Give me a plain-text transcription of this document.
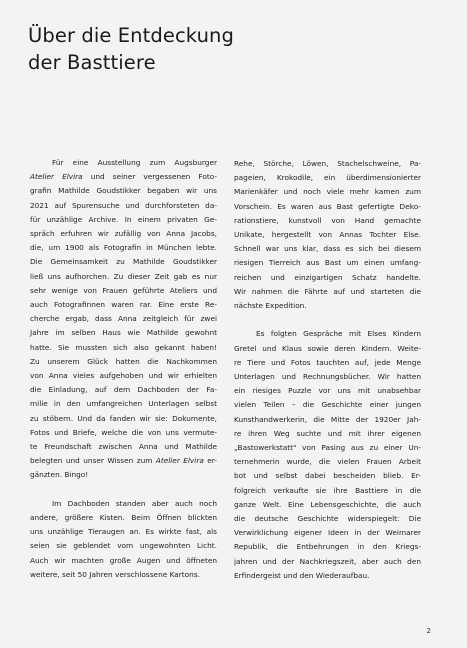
Über die Entdeckung
der Basttiere

Für eine Ausstellung zum Augsburger
Atelier Elvira und seiner vergessenen Foto-
grafin Mathilde Goudstikker begaben wir uns
2021 auf Spurensuche und durchforsteten da-
für unzählige Archive. In einem privaten Ge-
spräch erfuhren wir zufällig von Anna Jacobs,
die, um 1900 als Fotografin in München lebte.
Die Gemeinsamkeit zu Mathilde Goudstikker
ließ uns aufhorchen. Zu dieser Zeit gab es nur
sehr wenige von Frauen geführte Ateliers und
auch Fotografinnen waren rar. Eine erste Re-
cherche ergab, dass Anna zeitgleich für zwei
Jahre im selben Haus wie Mathilde gewohnt
hatte. Sie mussten sich also gekannt haben!
Zu unserem Glück hatten die Nachkommen
von Anna vieles aufgehoben und wir erhielten
die Einladung, auf dem Dachboden der Fa-
milie in den umfangreichen Unterlagen selbst
zu stöbern. Und da fanden wir sie: Dokumente,
Fotos und Briefe, welche die von uns vermute-
te Freundschaft zwischen Anna und Mathilde
belegten und unser Wissen zum Atelier Elvira er-
gänzten. Bingo!

Im Dachboden standen aber auch noch
andere, größere Kisten. Beim Öffnen blickten
uns unzählige Tieraugen an. Es wirkte fast, als
seien sie geblendet vom ungewohnten Licht.
Auch wir machten große Augen und öffneten
weitere, seit 50 Jahren verschlossene Kartons.

Rehe, Störche, Löwen, Stachelschweine, Pa-
pageien, Krokodile, ein überdimensionierter
Marienkäfer und noch viele mehr kamen zum
Vorschein. Es waren aus Bast gefertigte Deko-
rationstiere, kunstvoll von Hand gemachte
Unikate, hergestellt von Annas Tochter Else.
Schnell war uns klar, dass es sich bei diesem
riesigen Tierreich aus Bast um einen umfang-
reichen und einzigartigen Schatz handelte.
Wir nahmen die Fährte auf und starteten die
nächste Expedition.

Es folgten Gespräche mit Elses Kindern
Gretel und Klaus sowie deren Kindern. Weite-
re Tiere und Fotos tauchten auf, jede Menge
Unterlagen und Rechnungsbücher. Wir hatten
ein riesiges Puzzle vor uns mit unabsehbar
vielen Teilen – die Geschichte einer jungen
Kunsthandwerkerin, die Mitte der 1920er Jah-
re ihren Weg suchte und mit ihrer eigenen
„Bastowerkstatt" von Pasing aus zu einer Un-
ternehmerin wurde, die vielen Frauen Arbeit
bot und selbst dabei bescheiden blieb. Er-
folgreich verkaufte sie ihre Basttiere in die
ganze Welt. Eine Lebensgeschichte, die auch
die deutsche Geschichte widerspiegelt: Die
Verwirklichung eigener Ideen in der Weimarer
Republik, die Entbehrungen in den Kriegs-
jahren und der Nachkriegszeit, aber auch den
Erfindergeist und den Wiederaufbau.

2
